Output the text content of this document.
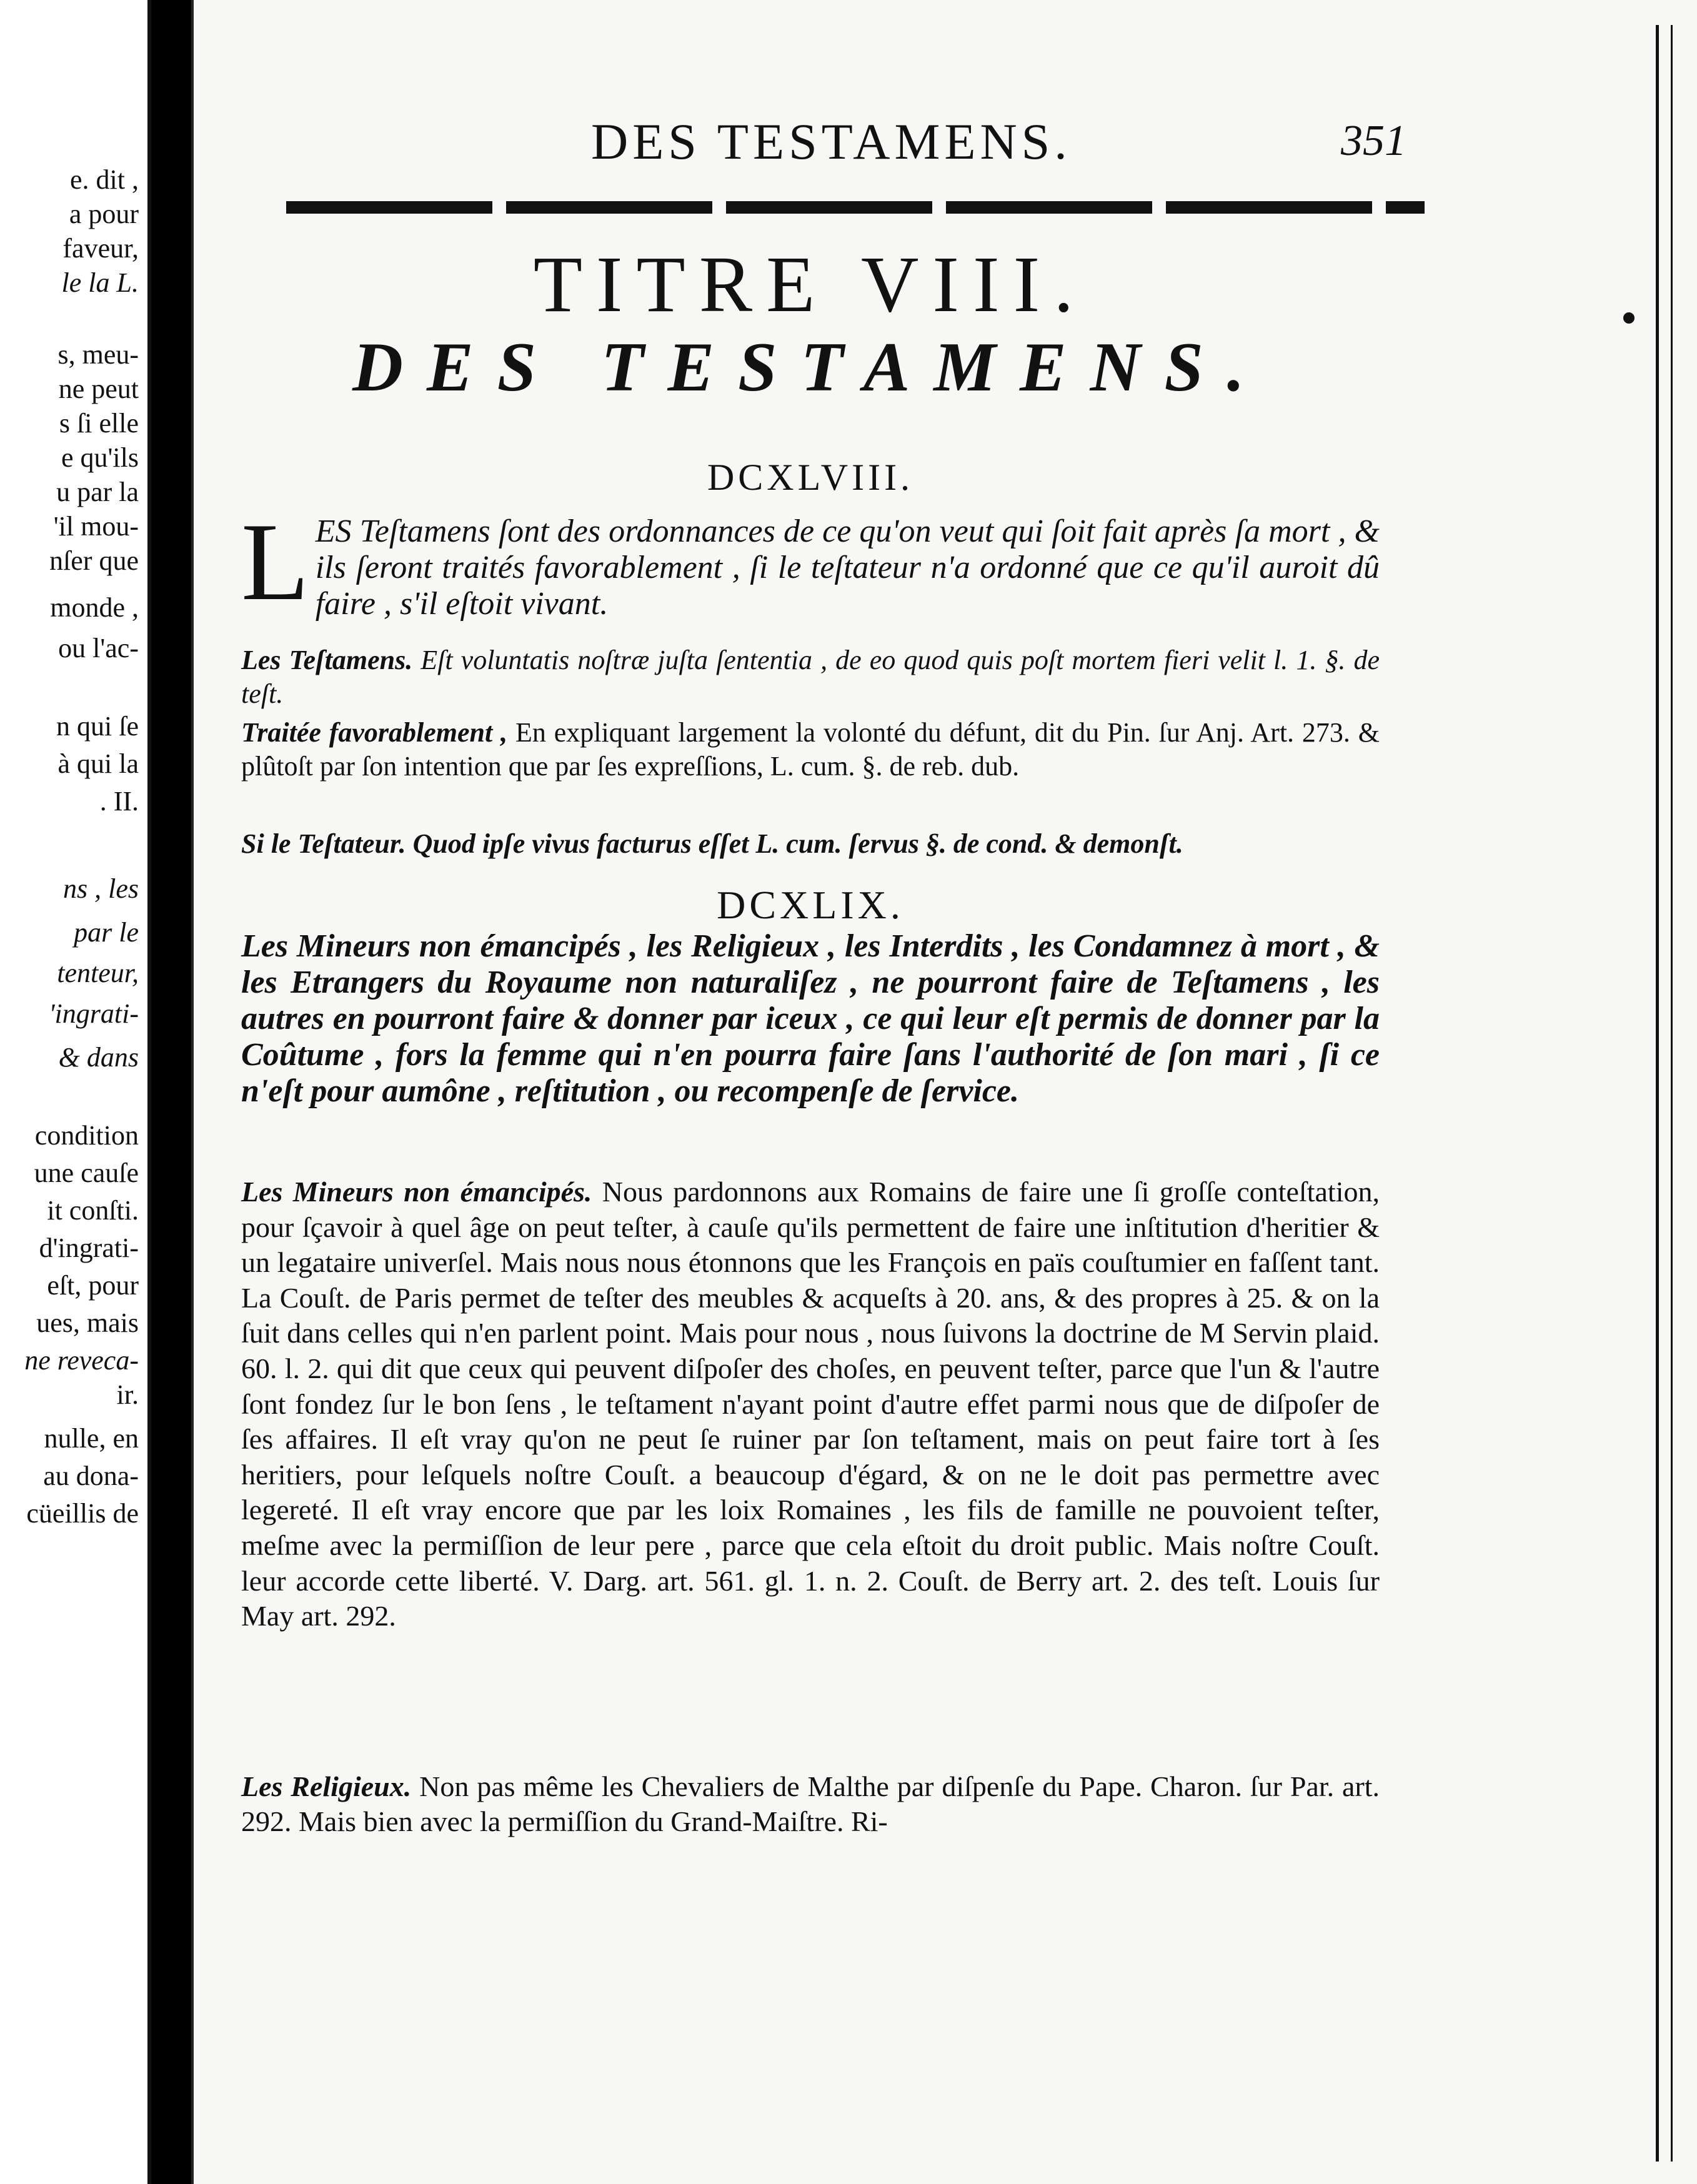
e. dit ,
a pour
faveur,
le la L.
s, meu-
ne peut
s ſi elle
e qu'ils
u par la
'il mou-
nſer que
monde ,
ou l'ac-
n qui ſe
à qui la
. II.
ns , les
par le
tenteur,
'ingrati-
& dans
condition
une cauſe
it conſti.
d'ingrati-
eſt, pour
ues, mais
ne reveca-
ir.
nulle, en
au dona-
cüeillis de
DES TESTAMENS.	351
TITRE VIII.
DES TESTAMENS.
DCXLVIII.
LES Teſtamens ſont des ordonnances de ce qu'on veut qui ſoit fait après ſa mort , & ils ſeront traités favorablement , ſi le teſtateur n'a ordonné que ce qu'il auroit dû faire , s'il eſtoit vivant.
Les Teſtamens. Eſt voluntatis noſtræ juſta ſententia , de eo quod quis poſt mortem fieri velit l. 1. §. de teſt.
Traitée favorablement , En expliquant largement la volonté du défunt, dit du Pin. ſur Anj. Art. 273. & plûtoſt par ſon intention que par ſes expreſſions, L. cum. §. de reb. dub.
Si le Teſtateur. Quod ipſe vivus facturus eſſet L. cum. ſervus §. de cond. & demonſt.
DCXLIX.
Les Mineurs non émancipés , les Religieux , les Interdits , les Condamnez à mort , & les Etrangers du Royaume non naturaliſez , ne pourront faire de Teſtamens , les autres en pourront faire & donner par iceux , ce qui leur eſt permis de donner par la Coûtume , fors la femme qui n'en pourra faire ſans l'authorité de ſon mari , ſi ce n'eſt pour aumône , reſtitution , ou recompenſe de ſervice.
Les Mineurs non émancipés. Nous pardonnons aux Romains de faire une ſi groſſe conteſtation, pour ſçavoir à quel âge on peut teſter, à cauſe qu'ils permettent de faire une inſtitution d'heritier & un legataire univerſel. Mais nous nous étonnons que les François en païs couſtumier en faſſent tant. La Couſt. de Paris permet de teſter des meubles & acqueſts à 20. ans, & des propres à 25. & on la ſuit dans celles qui n'en parlent point. Mais pour nous , nous ſuivons la doctrine de M Servin plaid. 60. l. 2. qui dit que ceux qui peuvent diſpoſer des choſes, en peuvent teſter, parce que l'un & l'autre ſont fondez ſur le bon ſens , le teſtament n'ayant point d'autre effet parmi nous que de diſpoſer de ſes affaires. Il eſt vray qu'on ne peut ſe ruiner par ſon teſtament, mais on peut faire tort à ſes heritiers, pour leſquels noſtre Couſt. a beaucoup d'égard, & on ne le doit pas permettre avec legereté. Il eſt vray encore que par les loix Romaines , les fils de famille ne pouvoient teſter, meſme avec la permiſſion de leur pere , parce que cela eſtoit du droit public. Mais noſtre Couſt. leur accorde cette liberté. V. Darg. art. 561. gl. 1. n. 2. Couſt. de Berry art. 2. des teſt. Louis ſur May art. 292.
Les Religieux. Non pas même les Chevaliers de Malthe par diſpenſe du Pape. Charon. ſur Par. art. 292. Mais bien avec la permiſſion du Grand-Maiſtre. Ri-
